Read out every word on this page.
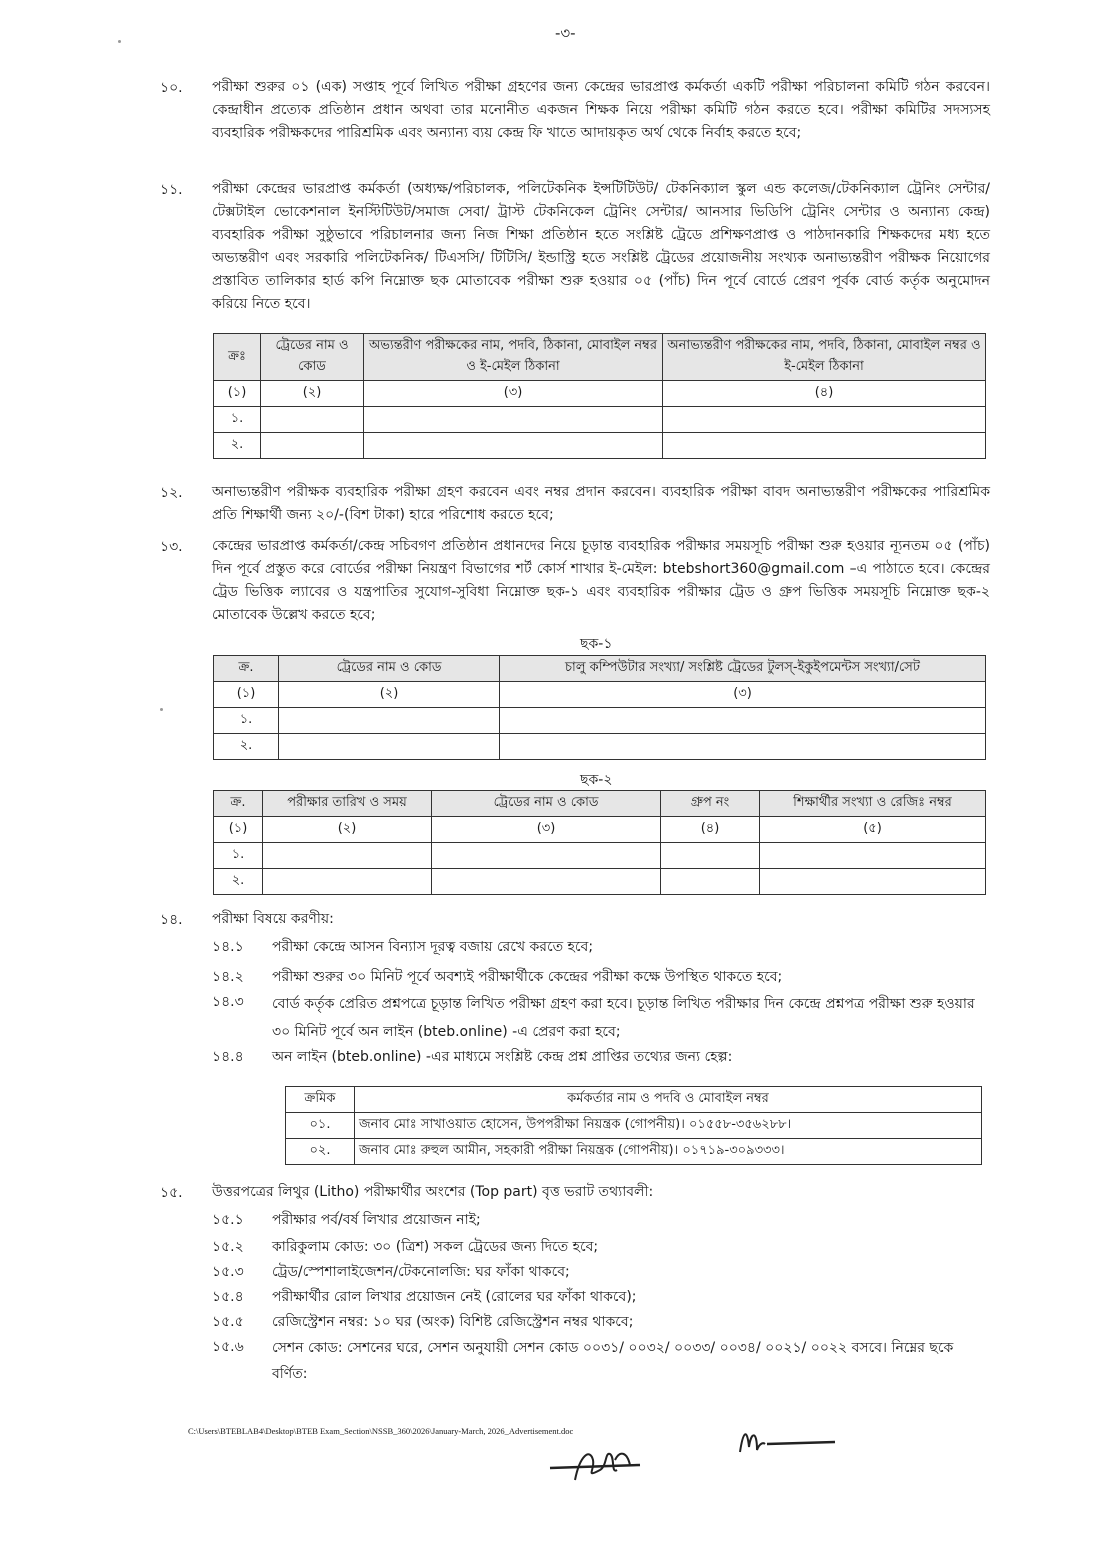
-৩-
১০.	পরীক্ষা শুরুর ০১ (এক) সপ্তাহ পূর্বে লিখিত পরীক্ষা গ্রহণের জন্য কেন্দ্রের ভারপ্রাপ্ত কর্মকর্তা একটি পরীক্ষা পরিচালনা কমিটি গঠন করবেন। কেন্দ্রাধীন প্রত্যেক প্রতিষ্ঠান প্রধান অথবা তার মনোনীত একজন শিক্ষক নিয়ে পরীক্ষা কমিটি গঠন করতে হবে। পরীক্ষা কমিটির সদস্যসহ ব্যবহারিক পরীক্ষকদের পারিশ্রমিক এবং অন্যান্য ব্যয় কেন্দ্র ফি খাতে আদায়কৃত অর্থ থেকে নির্বাহ করতে হবে;
১১.	পরীক্ষা কেন্দ্রের ভারপ্রাপ্ত কর্মকর্তা (অধ্যক্ষ/পরিচালক, পলিটেকনিক ইন্সটিটিউট/ টেকনিক্যাল স্কুল এন্ড কলেজ/টেকনিক্যাল ট্রেনিং সেন্টার/টেক্সটাইল ভোকেশনাল ইনস্টিটিউট/সমাজ সেবা/ ট্রাস্ট টেকনিকেল ট্রেনিং সেন্টার/ আনসার ভিডিপি ট্রেনিং সেন্টার ও অন্যান্য কেন্দ্র) ব্যবহারিক পরীক্ষা সুষ্ঠুভাবে পরিচালনার জন্য নিজ শিক্ষা প্রতিষ্ঠান হতে সংশ্লিষ্ট ট্রেডে প্রশিক্ষণপ্রাপ্ত ও পাঠদানকারি শিক্ষকদের মধ্য হতে অভ্যন্তরীণ এবং সরকারি পলিটেকনিক/ টিএসসি/ টিটিসি/ ইন্ডাস্ট্রি হতে সংশ্লিষ্ট ট্রেডের প্রয়োজনীয় সংখ্যক অনাভ্যন্তরীণ পরীক্ষক নিয়োগের প্রস্তাবিত তালিকার হার্ড কপি নিম্নোক্ত ছক মোতাবেক পরীক্ষা শুরু হওয়ার ০৫ (পাঁচ) দিন পূর্বে বোর্ডে প্রেরণ পূর্বক বোর্ড কর্তৃক অনুমোদন করিয়ে নিতে হবে।
ক্রঃ	ট্রেডের নাম ও কোড	অভ্যন্তরীণ পরীক্ষকের নাম, পদবি, ঠিকানা, মোবাইল নম্বর ও ই-মেইল ঠিকানা	অনাভ্যন্তরীণ পরীক্ষকের নাম, পদবি, ঠিকানা, মোবাইল নম্বর ও ই-মেইল ঠিকানা
(১)	(২)	(৩)	(৪)
১.			
২.			
১২.	অনাভ্যন্তরীণ পরীক্ষক ব্যবহারিক পরীক্ষা গ্রহণ করবেন এবং নম্বর প্রদান করবেন। ব্যবহারিক পরীক্ষা বাবদ অনাভ্যন্তরীণ পরীক্ষকের পারিশ্রমিক প্রতি শিক্ষার্থী জন্য ২০/-(বিশ টাকা) হারে পরিশোধ করতে হবে;
১৩.	কেন্দ্রের ভারপ্রাপ্ত কর্মকর্তা/কেন্দ্র সচিবগণ প্রতিষ্ঠান প্রধানদের নিয়ে চূড়ান্ত ব্যবহারিক পরীক্ষার সময়সূচি পরীক্ষা শুরু হওয়ার ন্যূনতম ০৫ (পাঁচ) দিন পূর্বে প্রস্তুত করে বোর্ডের পরীক্ষা নিয়ন্ত্রণ বিভাগের শর্ট কোর্স শাখার ই-মেইল: btebshort360@gmail.com –এ পাঠাতে হবে। কেন্দ্রের ট্রেড ভিত্তিক ল্যাবের ও যন্ত্রপাতির সুযোগ-সুবিধা নিম্নোক্ত ছক-১ এবং ব্যবহারিক পরীক্ষার ট্রেড ও গ্রুপ ভিত্তিক সময়সূচি নিম্নোক্ত ছক-২ মোতাবেক উল্লেখ করতে হবে;
ছক-১
ক্র.	ট্রেডের নাম ও কোড	চালু কম্পিউটার সংখ্যা/ সংশ্লিষ্ট ট্রেডের টুলস্-ইকুইপমেন্টস সংখ্যা/সেট
(১)	(২)	(৩)
১.		
২.		
ছক-২
ক্র.	পরীক্ষার তারিখ ও সময়	ট্রেডের নাম ও কোড	গ্রুপ নং	শিক্ষার্থীর সংখ্যা ও রেজিঃ নম্বর
(১)	(২)	(৩)	(৪)	(৫)
১.				
২.				
১৪.	পরীক্ষা বিষয়ে করণীয়:
১৪.১	পরীক্ষা কেন্দ্রে আসন বিন্যাস দূরত্ব বজায় রেখে করতে হবে;
১৪.২	পরীক্ষা শুরুর ৩০ মিনিট পূর্বে অবশ্যই পরীক্ষার্থীকে কেন্দ্রের পরীক্ষা কক্ষে উপস্থিত থাকতে হবে;
১৪.৩	বোর্ড কর্তৃক প্রেরিত প্রশ্নপত্রে চূড়ান্ত লিখিত পরীক্ষা গ্রহণ করা হবে। চূড়ান্ত লিখিত পরীক্ষার দিন কেন্দ্রে প্রশ্নপত্র পরীক্ষা শুরু হওয়ার ৩০ মিনিট পূর্বে অন লাইন (bteb.online) -এ প্রেরণ করা হবে;
১৪.৪	অন লাইন (bteb.online) -এর মাধ্যমে সংশ্লিষ্ট কেন্দ্র প্রশ্ন প্রাপ্তির তথ্যের জন্য হেল্প:
ক্রমিক	কর্মকর্তার নাম ও পদবি ও মোবাইল নম্বর
০১.	জনাব মোঃ সাখাওয়াত হোসেন, উপপরীক্ষা নিয়ন্ত্রক (গোপনীয়)। ০১৫৫৮-৩৫৬২৮৮।
০২.	জনাব মোঃ রুহুল আমীন, সহকারী পরীক্ষা নিয়ন্ত্রক (গোপনীয়)। ০১৭১৯-৩০৯৩৩৩।
১৫.	উত্তরপত্রের লিথুর (Litho) পরীক্ষার্থীর অংশের (Top part) বৃত্ত ভরাট তথ্যাবলী:
১৫.১	পরীক্ষার পর্ব/বর্ষ লিখার প্রয়োজন নাই;
১৫.২	কারিকুলাম কোড: ৩০ (ত্রিশ) সকল ট্রেডের জন্য দিতে হবে;
১৫.৩	ট্রেড/স্পেশালাইজেশন/টেকনোলজি: ঘর ফাঁকা থাকবে;
১৫.৪	পরীক্ষার্থীর রোল লিখার প্রয়োজন নেই (রোলের ঘর ফাঁকা থাকবে);
১৫.৫	রেজিস্ট্রেশন নম্বর: ১০ ঘর (অংক) বিশিষ্ট রেজিস্ট্রেশন নম্বর থাকবে;
১৫.৬	সেশন কোড: সেশনের ঘরে, সেশন অনুযায়ী সেশন কোড ০০৩১/ ০০৩২/ ০০৩৩/ ০০৩৪/ ০০২১/ ০০২২ বসবে। নিম্নের ছকে বর্ণিত:
C:\Users\BTEBLAB4\Desktop\BTEB Exam_Section\NSSB_360\2026\January-March, 2026_Advertisement.doc
